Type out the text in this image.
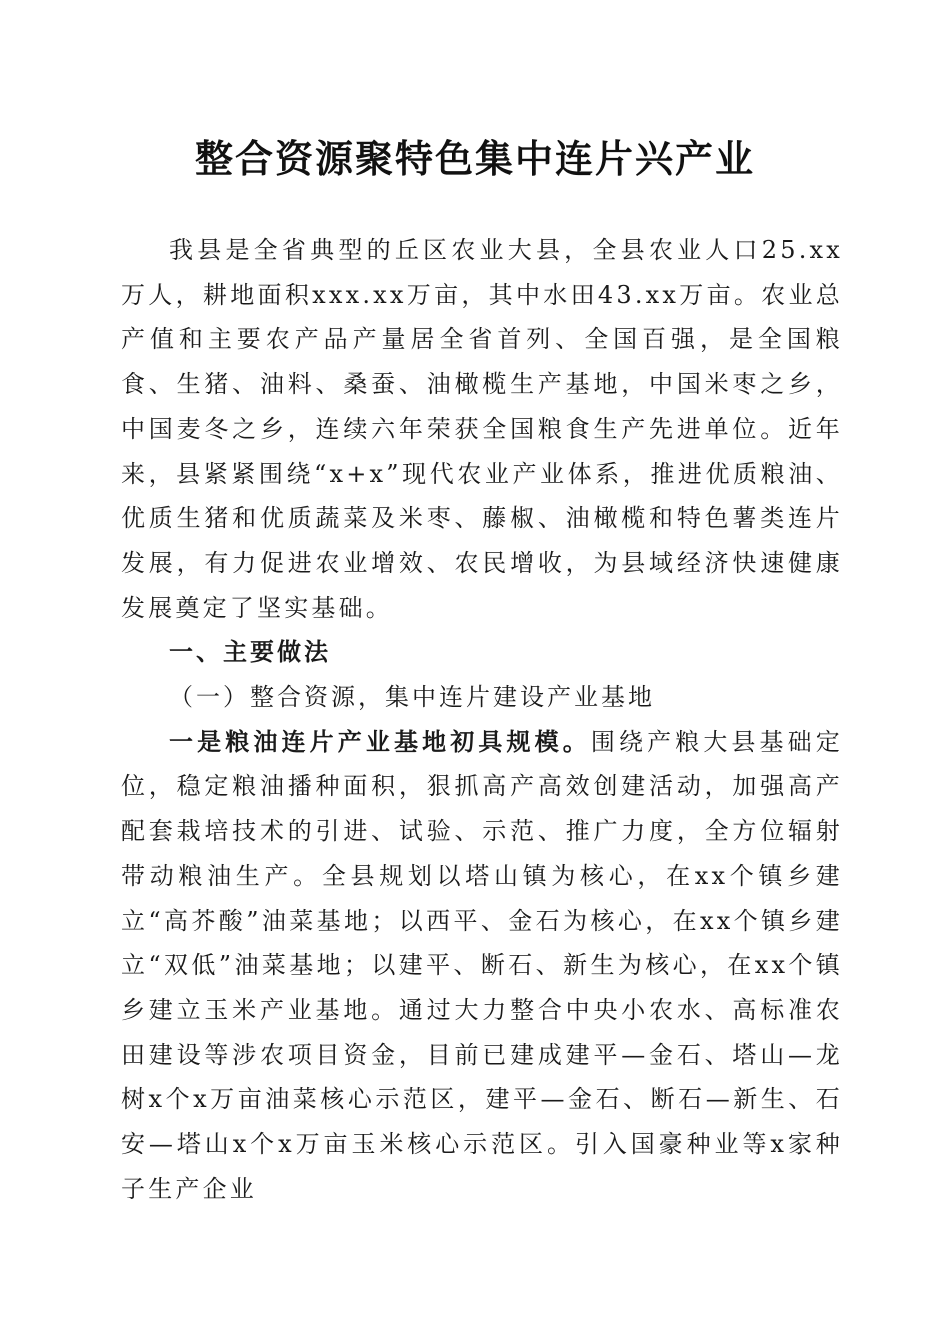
整合资源聚特色集中连片兴产业

我县是全省典型的丘区农业大县，全县农业人口25.xx万人，耕地面积xxx.xx万亩，其中水田43.xx万亩。农业总产值和主要农产品产量居全省首列、全国百强，是全国粮食、生猪、油料、桑蚕、油橄榄生产基地，中国米枣之乡，中国麦冬之乡，连续六年荣获全国粮食生产先进单位。近年来，县紧紧围绕“x+x”现代农业产业体系，推进优质粮油、优质生猪和优质蔬菜及米枣、藤椒、油橄榄和特色薯类连片发展，有力促进农业增效、农民增收，为县域经济快速健康发展奠定了坚实基础。

一、主要做法

（一）整合资源，集中连片建设产业基地

一是粮油连片产业基地初具规模。围绕产粮大县基础定位，稳定粮油播种面积，狠抓高产高效创建活动，加强高产配套栽培技术的引进、试验、示范、推广力度，全方位辐射带动粮油生产。全县规划以塔山镇为核心，在xx个镇乡建立“高芥酸”油菜基地；以西平、金石为核心，在xx个镇乡建立“双低”油菜基地；以建平、断石、新生为核心，在xx个镇乡建立玉米产业基地。通过大力整合中央小农水、高标准农田建设等涉农项目资金，目前已建成建平—金石、塔山—龙树x个x万亩油菜核心示范区，建平—金石、断石—新生、石安—塔山x个x万亩玉米核心示范区。引入国豪种业等x家种子生产企业
